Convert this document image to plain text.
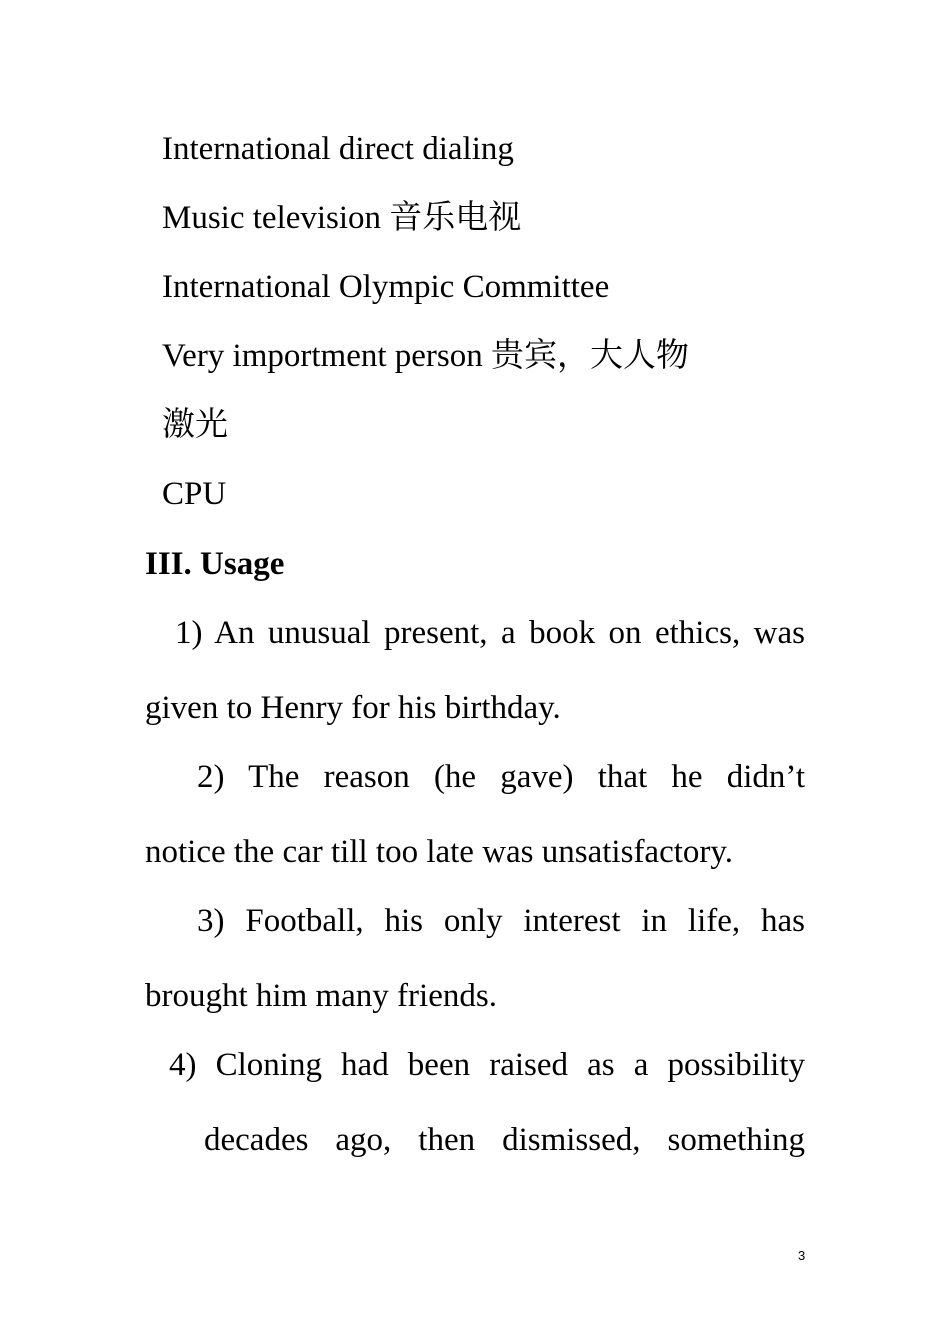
International direct dialing
Music television 音乐电视
International Olympic Committee
Very importment person 贵宾，大人物
激光
CPU
III. Usage
1) An unusual present, a book on ethics, was
given to Henry for his birthday.
2) The reason (he gave) that he didn’t
notice the car till too late was unsatisfactory.
3) Football, his only interest in life, has
brought him many friends.
4) Cloning had been raised as a possibility
decades ago, then dismissed, something
3
